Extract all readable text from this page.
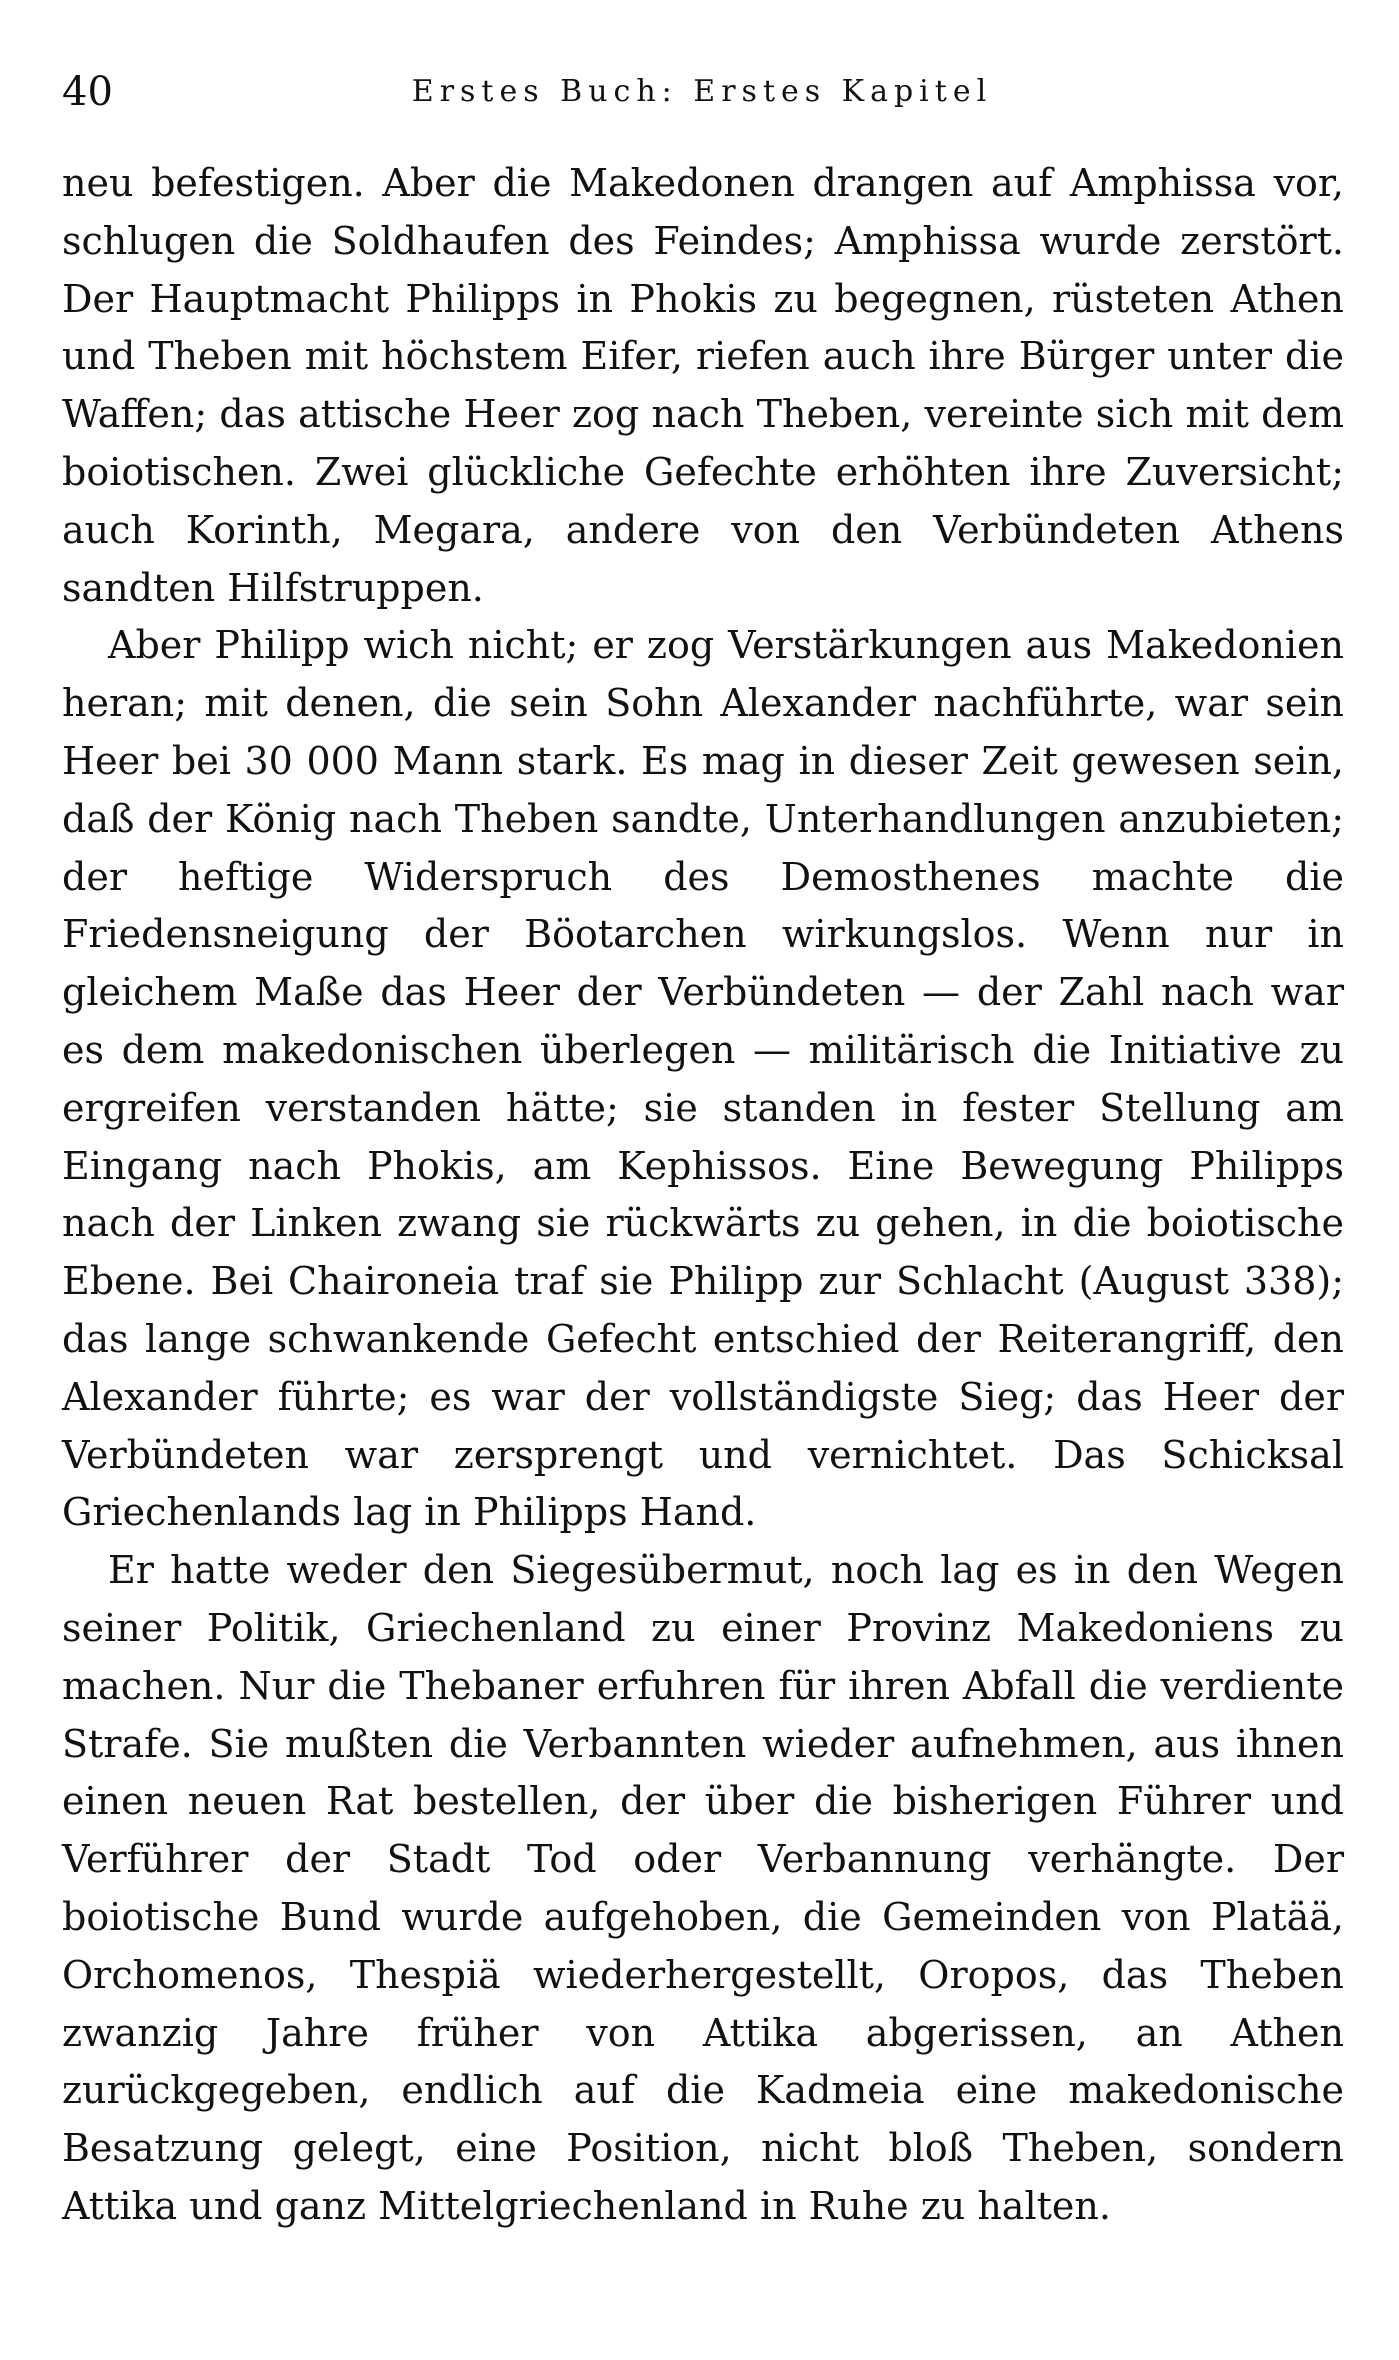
40	Erstes Buch: Erstes Kapitel

neu befestigen. Aber die Makedonen drangen auf Amphissa vor, schlugen die Soldhaufen des Feindes; Amphissa wurde zerstört. Der Hauptmacht Philipps in Phokis zu begegnen, rüsteten Athen und Theben mit höchstem Eifer, riefen auch ihre Bürger unter die Waffen; das attische Heer zog nach Theben, vereinte sich mit dem boiotischen. Zwei glückliche Gefechte erhöhten ihre Zuversicht; auch Korinth, Megara, andere von den Verbündeten Athens sandten Hilfstruppen.

Aber Philipp wich nicht; er zog Verstärkungen aus Makedonien heran; mit denen, die sein Sohn Alexander nachführte, war sein Heer bei 30 000 Mann stark. Es mag in dieser Zeit gewesen sein, daß der König nach Theben sandte, Unterhandlungen anzubieten; der heftige Widerspruch des Demosthenes machte die Friedensneigung der Böotarchen wirkungslos. Wenn nur in gleichem Maße das Heer der Verbündeten — der Zahl nach war es dem makedonischen überlegen — militärisch die Initiative zu ergreifen verstanden hätte; sie standen in fester Stellung am Eingang nach Phokis, am Kephissos. Eine Bewegung Philipps nach der Linken zwang sie rückwärts zu gehen, in die boiotische Ebene. Bei Chaironeia traf sie Philipp zur Schlacht (August 338); das lange schwankende Gefecht entschied der Reiterangriff, den Alexander führte; es war der vollständigste Sieg; das Heer der Verbündeten war zersprengt und vernichtet. Das Schicksal Griechenlands lag in Philipps Hand.

Er hatte weder den Siegesübermut, noch lag es in den Wegen seiner Politik, Griechenland zu einer Provinz Makedoniens zu machen. Nur die Thebaner erfuhren für ihren Abfall die verdiente Strafe. Sie mußten die Verbannten wieder aufnehmen, aus ihnen einen neuen Rat bestellen, der über die bisherigen Führer und Verführer der Stadt Tod oder Verbannung verhängte. Der boiotische Bund wurde aufgehoben, die Gemeinden von Platää, Orchomenos, Thespiä wiederhergestellt, Oropos, das Theben zwanzig Jahre früher von Attika abgerissen, an Athen zurückgegeben, endlich auf die Kadmeia eine makedonische Besatzung gelegt, eine Position, nicht bloß Theben, sondern Attika und ganz Mittelgriechenland in Ruhe zu halten.
